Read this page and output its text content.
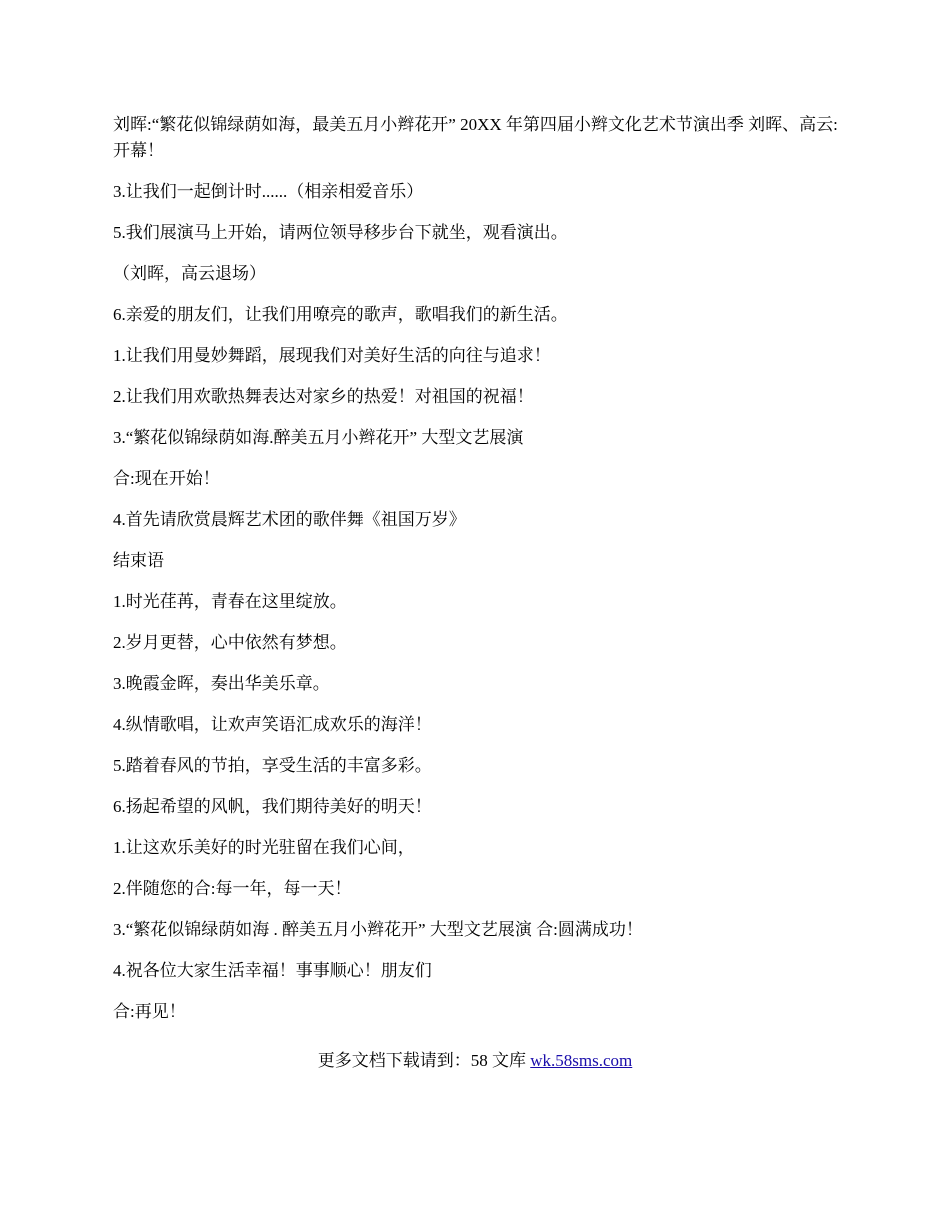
刘晖:“繁花似锦绿荫如海，最美五月小辫花开” 20XX 年第四届小辫文化艺术节演出季 刘晖、高云:开幕！

3.让我们一起倒计时......（相亲相爱音乐）

5.我们展演马上开始，请两位领导移步台下就坐，观看演出。

（刘晖，高云退场）

6.亲爱的朋友们，让我们用嘹亮的歌声，歌唱我们的新生活。

1.让我们用曼妙舞蹈，展现我们对美好生活的向往与追求！

2.让我们用欢歌热舞表达对家乡的热爱！对祖国的祝福！

3.“繁花似锦绿荫如海.醉美五月小辫花开” 大型文艺展演

合:现在开始！

4.首先请欣赏晨辉艺术团的歌伴舞《祖国万岁》

结束语

1.时光荏苒，青春在这里绽放。

2.岁月更替，心中依然有梦想。

3.晚霞金晖，奏出华美乐章。

4.纵情歌唱，让欢声笑语汇成欢乐的海洋！

5.踏着春风的节拍，享受生活的丰富多彩。

6.扬起希望的风帆，我们期待美好的明天！

1.让这欢乐美好的时光驻留在我们心间，

2.伴随您的合:每一年，每一天！

3.“繁花似锦绿荫如海 . 醉美五月小辫花开” 大型文艺展演 合:圆满成功！

4.祝各位大家生活幸福！事事顺心！朋友们

合:再见！

更多文档下载请到：58 文库 wk.58sms.com
